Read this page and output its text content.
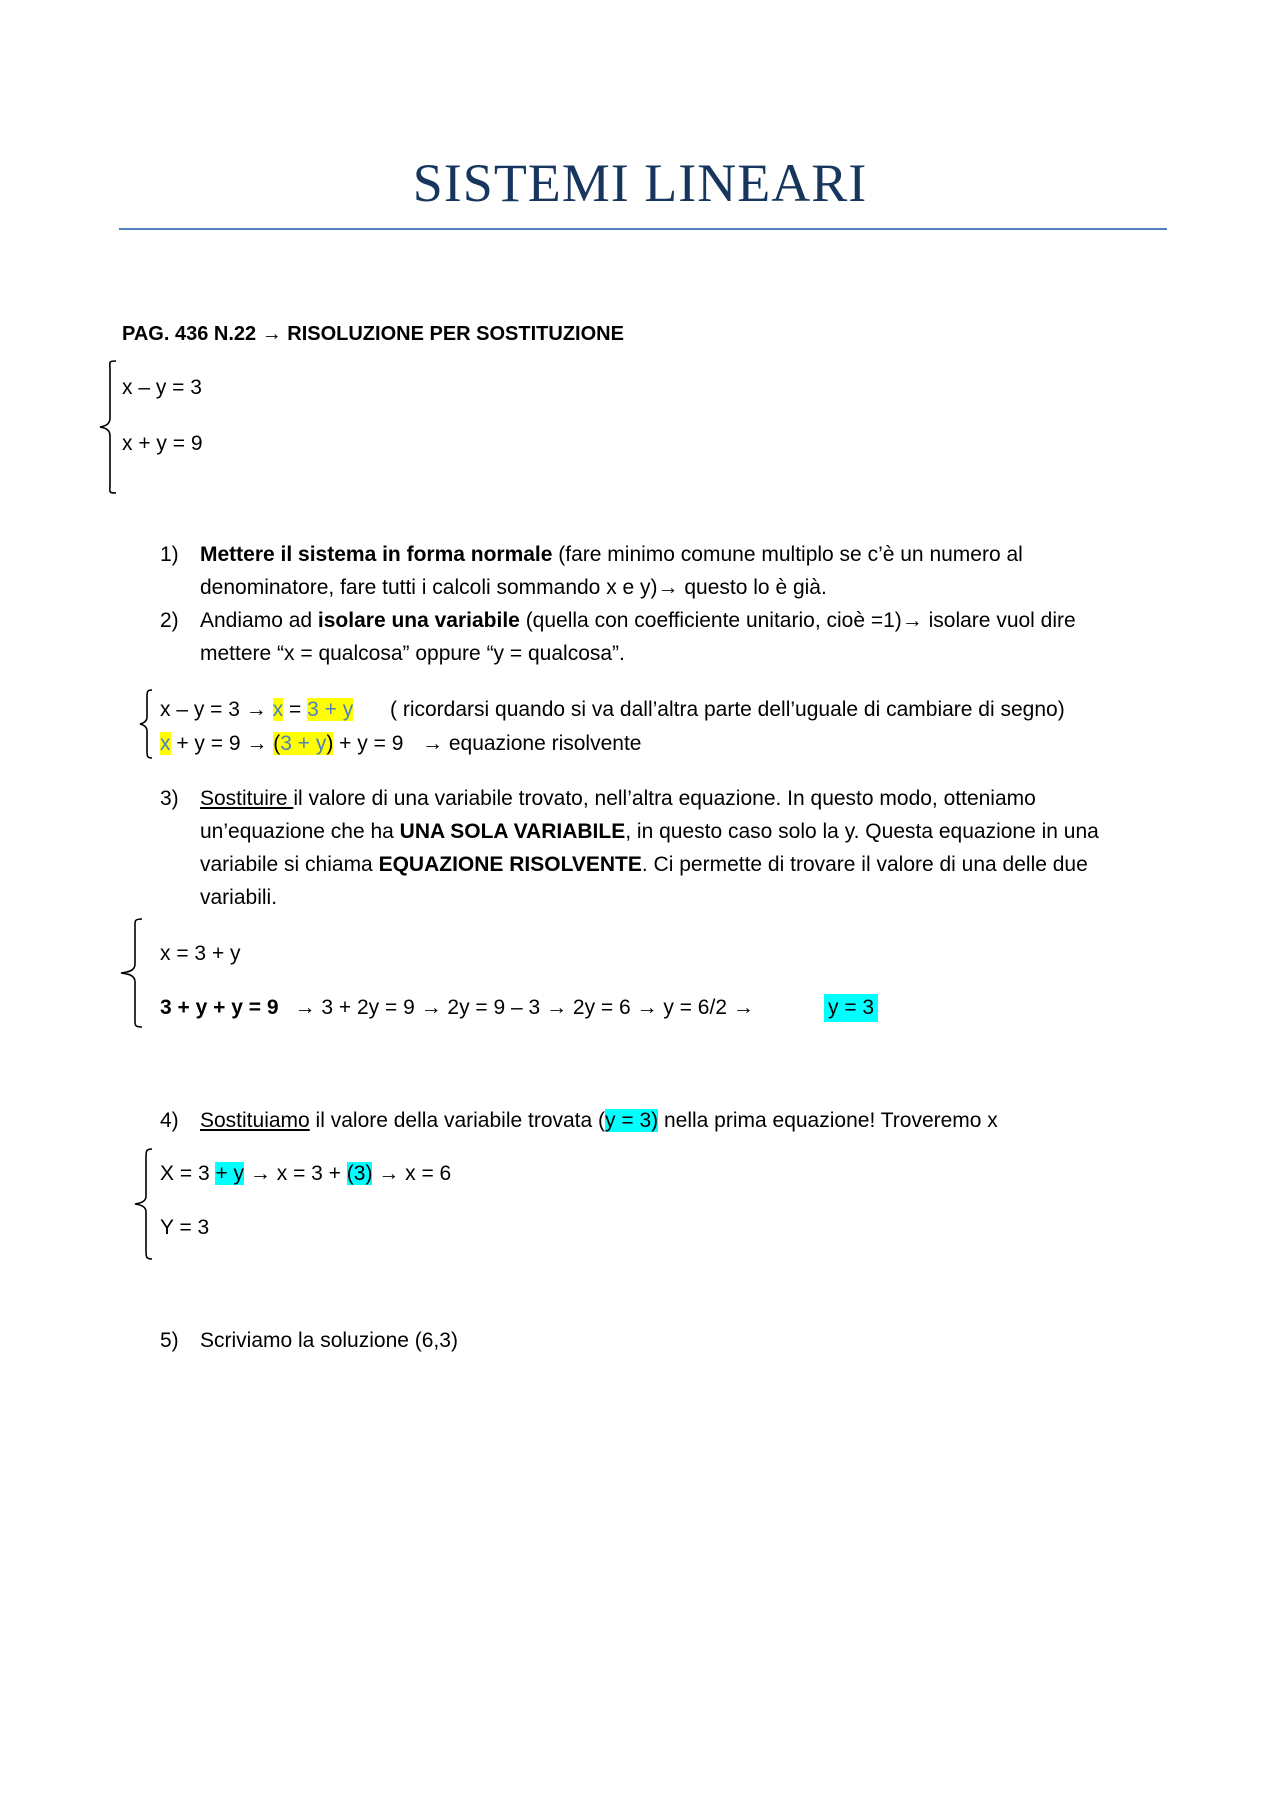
SISTEMI LINEARI
PAG. 436 N.22 → RISOLUZIONE PER SOSTITUZIONE
x – y = 3
x + y = 9
1) Mettere il sistema in forma normale (fare minimo comune multiplo se c’è un numero al
denominatore, fare tutti i calcoli sommando x e y)→ questo lo è già.
2) Andiamo ad isolare una variabile (quella con coefficiente unitario, cioè =1)→ isolare vuol dire
mettere “x = qualcosa” oppure “y = qualcosa”.
x – y = 3 → x = 3 + y ( ricordarsi quando si va dall’altra parte dell’uguale di cambiare di segno)
x + y = 9 → (3 + y) + y = 9 → equazione risolvente
3) Sostituire il valore di una variabile trovato, nell’altra equazione. In questo modo, otteniamo
un’equazione che ha UNA SOLA VARIABILE, in questo caso solo la y. Questa equazione in una
variabile si chiama EQUAZIONE RISOLVENTE. Ci permette di trovare il valore di una delle due
variabili.
x = 3 + y
3 + y + y = 9 → 3 + 2y = 9 → 2y = 9 – 3 → 2y = 6 → y = 6/2 →	y = 3
4) Sostituiamo il valore della variabile trovata (y = 3) nella prima equazione! Troveremo x
X = 3 + y → x = 3 + (3) → x = 6
Y = 3
5) Scriviamo la soluzione (6,3)
